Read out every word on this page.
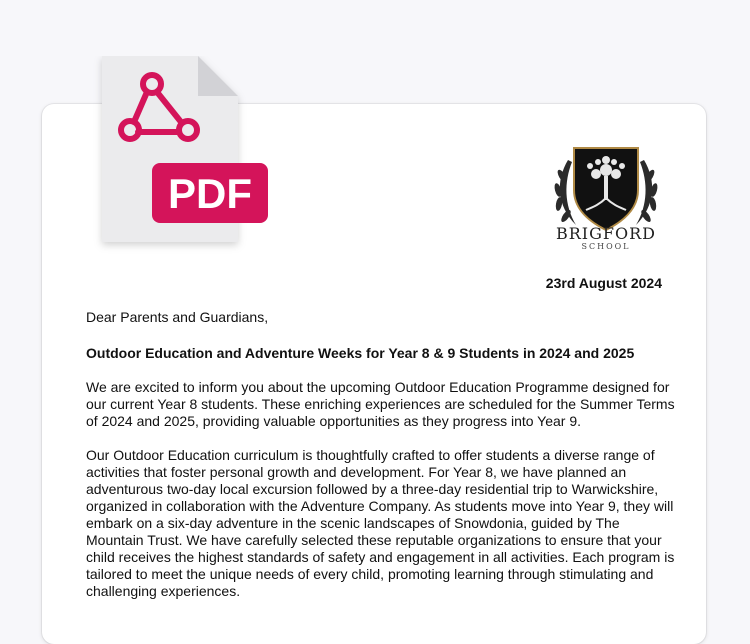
BRIGFORD
SCHOOL
23rd August 2024

Dear Parents and Guardians,

Outdoor Education and Adventure Weeks for Year 8 & 9 Students in 2024 and 2025

We are excited to inform you about the upcoming Outdoor Education Programme designed for our current Year 8 students. These enriching experiences are scheduled for the Summer Terms of 2024 and 2025, providing valuable opportunities as they progress into Year 9.

Our Outdoor Education curriculum is thoughtfully crafted to offer students a diverse range of activities that foster personal growth and development. For Year 8, we have planned an adventurous two-day local excursion followed by a three-day residential trip to Warwickshire, organized in collaboration with the Adventure Company. As students move into Year 9, they will embark on a six-day adventure in the scenic landscapes of Snowdonia, guided by The Mountain Trust. We have carefully selected these reputable organizations to ensure that your child receives the highest standards of safety and engagement in all activities. Each program is tailored to meet the unique needs of every child, promoting learning through stimulating and challenging experiences.

PDF
